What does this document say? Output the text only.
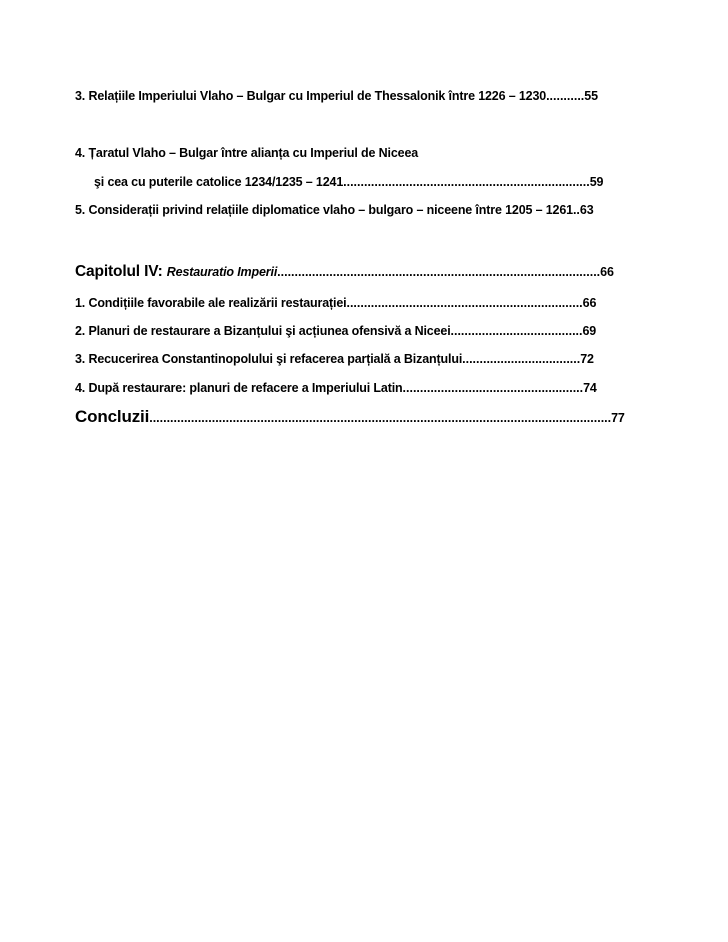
3. Relațiile Imperiului Vlaho – Bulgar cu Imperiul de Thessalonik între 1226 – 1230...........55
4. Țaratul Vlaho – Bulgar între alianța cu Imperiul de Niceea
şi cea cu puterile catolice 1234/1235 – 1241.......................................................................59
5. Considerații privind relațiile diplomatice vlaho – bulgaro – niceene între 1205 – 1261..63
Capitolul IV: Restauratio Imperii.............................................................................................66
1. Condițiile favorabile ale realizării restaurației....................................................................66
2. Planuri de restaurare a Bizanțului şi acțiunea ofensivă a Niceei......................................69
3. Recucerirea Constantinopolului şi refacerea parțială a Bizanțului..................................72
4. După restaurare: planuri de refacere a Imperiului Latin....................................................74
Concluzii.....................................................................................................................................77
